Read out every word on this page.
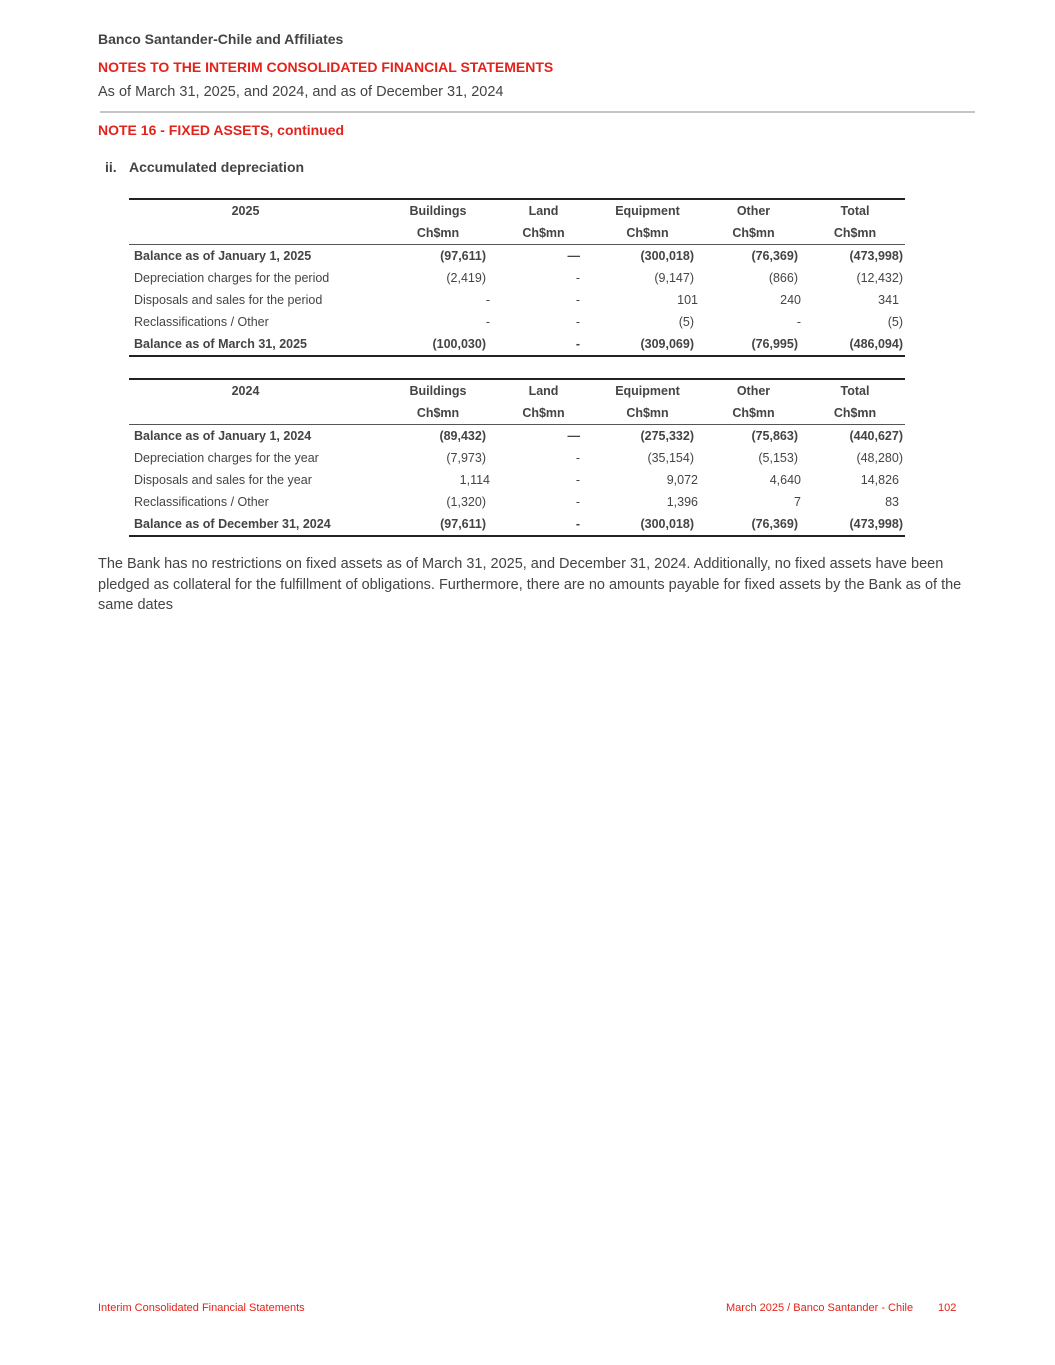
Banco Santander-Chile and Affiliates
NOTES TO THE INTERIM CONSOLIDATED FINANCIAL STATEMENTS
As of March 31, 2025, and 2024, and as of December 31, 2024
NOTE 16 - FIXED ASSETS, continued
ii. Accumulated depreciation
2025	Buildings	Land	Equipment	Other	Total
	Ch$mn	Ch$mn	Ch$mn	Ch$mn	Ch$mn
Balance as of January 1, 2025	(97,611)	—	(300,018)	(76,369)	(473,998)
Depreciation charges for the period	(2,419)	-	(9,147)	(866)	(12,432)
Disposals and sales for the period	-	-	101	240	341
Reclassifications / Other	-	-	(5)	-	(5)
Balance as of March 31, 2025	(100,030)	-	(309,069)	(76,995)	(486,094)
2024	Buildings	Land	Equipment	Other	Total
	Ch$mn	Ch$mn	Ch$mn	Ch$mn	Ch$mn
Balance as of January 1, 2024	(89,432)	—	(275,332)	(75,863)	(440,627)
Depreciation charges for the year	(7,973)	-	(35,154)	(5,153)	(48,280)
Disposals and sales for the year	1,114	-	9,072	4,640	14,826
Reclassifications / Other	(1,320)	-	1,396	7	83
Balance as of December 31, 2024	(97,611)	-	(300,018)	(76,369)	(473,998)
The Bank has no restrictions on fixed assets as of March 31, 2025, and December 31, 2024. Additionally, no fixed assets have been pledged as collateral for the fulfillment of obligations. Furthermore, there are no amounts payable for fixed assets by the Bank as of the same dates
Interim Consolidated Financial Statements	March 2025 / Banco Santander - Chile 102
